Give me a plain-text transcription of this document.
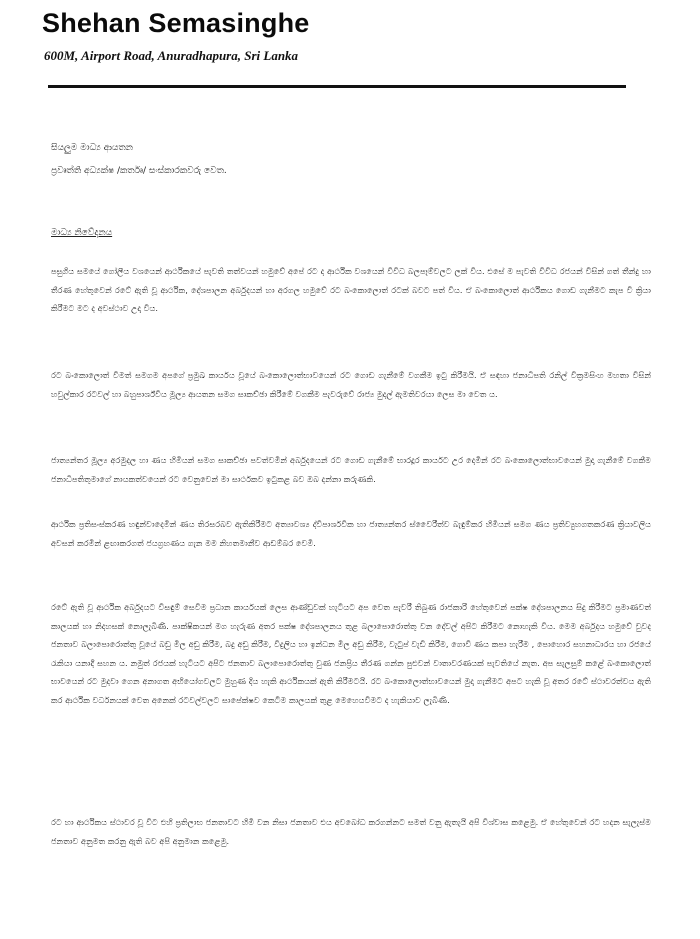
Shehan Semasinghe
600M, Airport Road, Anuradhapura, Sri Lanka
සියලුම මාධ්‍ය ආයතන
ප්‍රවෘත්ති අධ්‍යක්ෂ /කර්තෘ/ සංස්කාරකවරු වෙත.
මාධ්‍ය නිවේදනය
පසුගිය සමයේ ගෝලීය වශයෙන් ආර්ථිකයේ පැවති තත්වයන් හමුවේ අපේ රට ද ආර්ථික වශයෙන් විවිධ බලපෑම්වලට ලක් විය. එසේ ම පැවති විවිධ රජයන් විසින් ගත් තීන්දු හා තීරණ හේතුවෙන් රටේ ඇති වූ ආර්ථික, දේශපාලන අර්බුදයන් හා අරගල හමුවේ රට බංකොලොත් රටක් බවට පත් විය. ඒ බංකොලොත් ආර්ථිකය ගොඩ ගැනීමට කැප වී ක්‍රියා කිරීමට මට ද අවස්ථාව උදා විය.
රට බංකොලොත් වීමත් සමගම අපගේ ප්‍රමුඛ කාර්යය වූයේ බංකොලොත්භාවයෙන් රට ගොඩ ගැනීමේ වගකීම ඉටු කිරීමයි. ඒ සඳහා ජනාධිපති රනිල් වික්‍රමසිංහ මහතා විසින් හවුල්කාර රටවල් හා බහුපාර්ශ්වීය මූල්‍ය ආයතන සමග සාකච්ඡා කිරීමේ වගකීම පැවරුවේ රාජ්‍ය මුදල් ඇමතිවරයා ලෙස මා වෙත ය.
ජාත්‍යන්තර මූල්‍ය අරමුදල හා ණය හිමියන් සමග සාකච්ඡා පවත්වමින් අර්බුදයෙන් රට ගොඩ ගැනීමේ භාරදූර කාර්යට උර දෙමින් රට බංකොලොත්භාවයෙන් මුදා ගැනීමේ වගකීම ජනාධිපතිතුමාගේ නායකත්වයෙන් රට වෙනුවෙන් මා සාර්ථකව ඉටුකළ බව ඔබ දන්නා කරුණකි.
ආර්ථික ප්‍රතිසංස්කරණ හඳුන්වාදෙමින් ණය තිරසරබව ඇතිකිරීමට අත්‍යාවශ්‍ය ද්විපාර්ශවික හා ජාත්‍යන්තර ස්වෛරීත්ව බැඳුම්කර හිමියන් සමග ණය ප්‍රතිව්‍යුහගතකරණ ක්‍රියාවලිය අවසන් කරමින් ළඟාකරගත් ජයග්‍රහණය ගැන මම නිහතමානීව ආඩම්බර වෙමි.
රටේ ඇති වූ ආර්ථික අර්බුදයට විසඳුම් සෙවීම ප්‍රධාන කාර්යයක් ලෙස ආණ්ඩුවක් හැටියට අප වෙත පැවරී තිබුණ රාජකාරි හේතුවෙන් පක්ෂ දේශපාලනය සිදු කිරීමට ප්‍රමාණවත් කාලයක් හා නිදහසක් නොලැබිණි. පාක්ෂිකයන් මග හැරුණ අතර පක්ෂ දේශපාලනය තුළ බලාපොරොත්තු වන දේවල් අපිට කිරීමට නොහැකි විය. මෙම අර්බුදය හමුවේ වුවද ජනතාව බලාපොරොත්තු වූයේ බඩු මිල අඩු කිරීම, බදු අඩු කිරීම, විදුලිය හා ඉන්ධන මිල අඩු කිරීම, වැටුප් වැඩි කිරීම, ගොවි ණය කපා හැරීම , පොහොර සහනාධාරය හා රජයේ රැකියා යනාදී සහන ය. නමුත් රජයක් හැටියට අපිට ජනතාව බලාපොරොත්තු වුණ ජනප්‍රිය තීරණ ගන්න පුළුවන් වාතාවරණයක් පැවතියේ නැත. අප සැලසුම් කළේ බංකොලොත් භාවයෙන් රට මුදවා ගෙන අනාගත අභියෝගවලට මුහුණ දිය හැකි ආර්ථිකයක් ඇති කිරීමටයි. රට බංකොලොත්භාවයෙන් මුදා ගැනීමට අපට හැකි වූ අතර රටේ ස්ථාවරත්වය ඇති කර ආර්ථික වර්ධනයක් වෙත අනෙක් රටවල්වලට සාපේක්ෂව කෙටිම කාලයක් තුළ මෙහෙයවීමට ද හැකියාව ලැබිණි.
රට හා ආර්ථිකය ස්ථාවර වූ විට එහි ප්‍රතිලාභ ජනතාවට හිමි වන නිසා ජනතාව එය අවබෝධ කරගන්නට සමත් වනු ඇතැයි අපි විශ්වාස කළෙමු. ඒ හේතුවෙන් රට හදන සැලැස්ම ජනතාව අනුමත කරනු ඇති බව අපි අනුමාන කළෙමු.
